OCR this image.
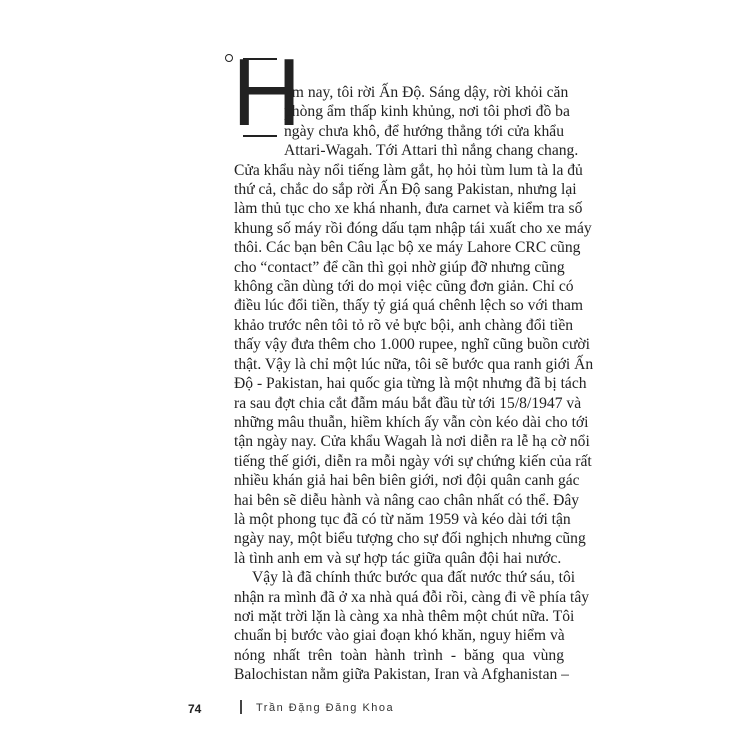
H
ôm nay, tôi rời Ấn Độ. Sáng dậy, rời khỏi căn
phòng ẩm thấp kinh khủng, nơi tôi phơi đồ ba
ngày chưa khô, để hướng thẳng tới cửa khẩu
Attari-Wagah. Tới Attari thì nắng chang chang.
Cửa khẩu này nổi tiếng làm gắt, họ hỏi tùm lum tà la đủ
thứ cả, chắc do sắp rời Ấn Độ sang Pakistan, nhưng lại
làm thủ tục cho xe khá nhanh, đưa carnet và kiểm tra số
khung số máy rồi đóng dấu tạm nhập tái xuất cho xe máy
thôi. Các bạn bên Câu lạc bộ xe máy Lahore CRC cũng
cho “contact” để cần thì gọi nhờ giúp đỡ nhưng cũng
không cần dùng tới do mọi việc cũng đơn giản. Chỉ có
điều lúc đổi tiền, thấy tỷ giá quá chênh lệch so với tham
khảo trước nên tôi tỏ rõ vẻ bực bội, anh chàng đổi tiền
thấy vậy đưa thêm cho 1.000 rupee, nghĩ cũng buồn cười
thật. Vậy là chỉ một lúc nữa, tôi sẽ bước qua ranh giới Ấn
Độ - Pakistan, hai quốc gia từng là một nhưng đã bị tách
ra sau đợt chia cắt đẫm máu bắt đầu từ tới 15/8/1947 và
những mâu thuẫn, hiềm khích ấy vẫn còn kéo dài cho tới
tận ngày nay. Cửa khẩu Wagah là nơi diễn ra lễ hạ cờ nổi
tiếng thế giới, diễn ra mỗi ngày với sự chứng kiến của rất
nhiều khán giả hai bên biên giới, nơi đội quân canh gác
hai bên sẽ diễu hành và nâng cao chân nhất có thể. Đây
là một phong tục đã có từ năm 1959 và kéo dài tới tận
ngày nay, một biểu tượng cho sự đối nghịch nhưng cũng
là tình anh em và sự hợp tác giữa quân đội hai nước.
Vậy là đã chính thức bước qua đất nước thứ sáu, tôi
nhận ra mình đã ở xa nhà quá đỗi rồi, càng đi về phía tây
nơi mặt trời lặn là càng xa nhà thêm một chút nữa. Tôi
chuẩn bị bước vào giai đoạn khó khăn, nguy hiểm và
nóng nhất trên toàn hành trình - băng qua vùng
Balochistan nằm giữa Pakistan, Iran và Afghanistan –
74	Trần Đặng Đăng Khoa
